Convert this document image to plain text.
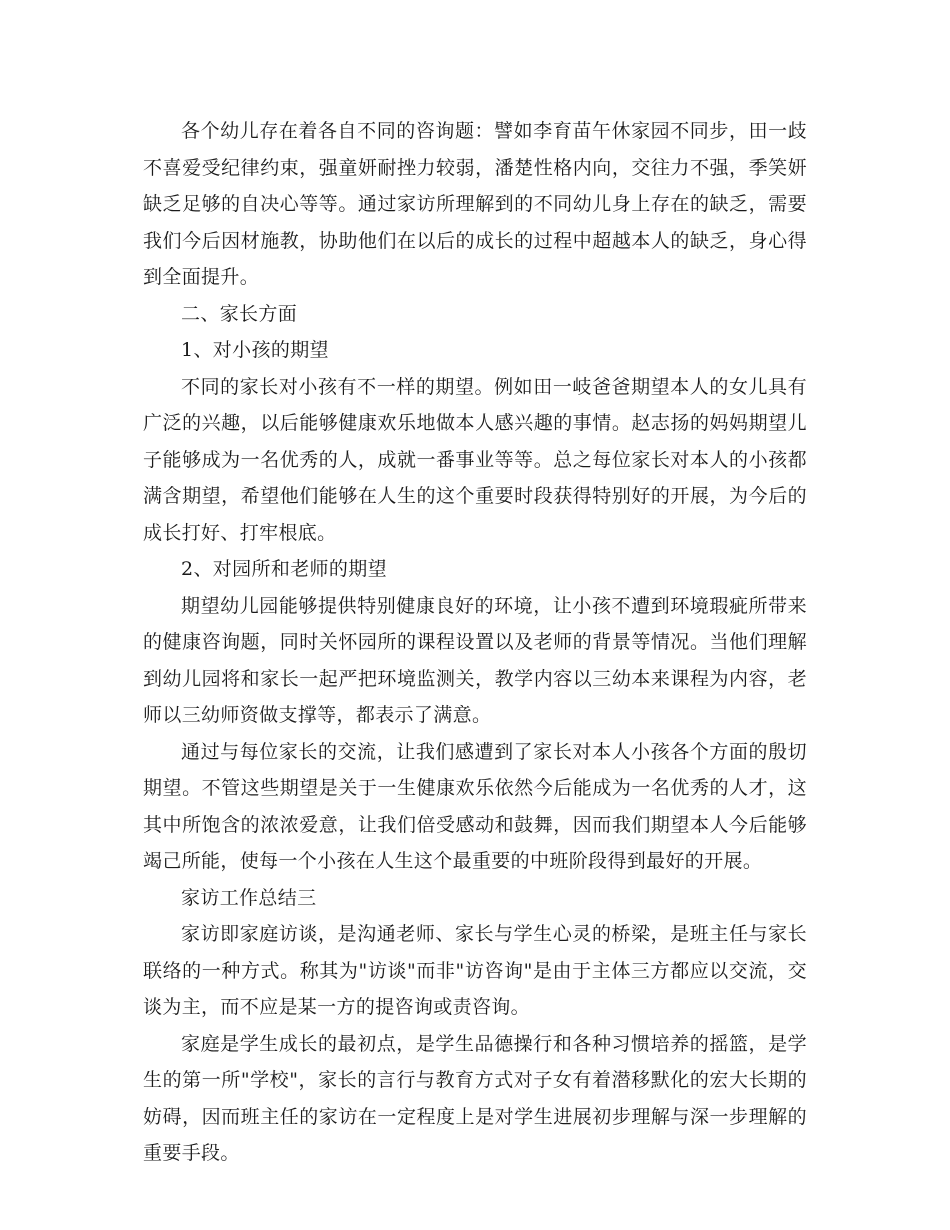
各个幼儿存在着各自不同的咨询题：譬如李育苗午休家园不同步，田一歧不喜爱受纪律约束，强童妍耐挫力较弱，潘楚性格内向，交往力不强，季笑妍缺乏足够的自决心等等。通过家访所理解到的不同幼儿身上存在的缺乏，需要我们今后因材施教，协助他们在以后的成长的过程中超越本人的缺乏，身心得到全面提升。

二、家长方面

1、对小孩的期望

不同的家长对小孩有不一样的期望。例如田一岐爸爸期望本人的女儿具有广泛的兴趣，以后能够健康欢乐地做本人感兴趣的事情。赵志扬的妈妈期望儿子能够成为一名优秀的人，成就一番事业等等。总之每位家长对本人的小孩都满含期望，希望他们能够在人生的这个重要时段获得特别好的开展，为今后的成长打好、打牢根底。

2、对园所和老师的期望

期望幼儿园能够提供特别健康良好的环境，让小孩不遭到环境瑕疵所带来的健康咨询题，同时关怀园所的课程设置以及老师的背景等情况。当他们理解到幼儿园将和家长一起严把环境监测关，教学内容以三幼本来课程为内容，老师以三幼师资做支撑等，都表示了满意。

通过与每位家长的交流，让我们感遭到了家长对本人小孩各个方面的殷切期望。不管这些期望是关于一生健康欢乐依然今后能成为一名优秀的人才，这其中所饱含的浓浓爱意，让我们倍受感动和鼓舞，因而我们期望本人今后能够竭己所能，使每一个小孩在人生这个最重要的中班阶段得到最好的开展。

家访工作总结三

家访即家庭访谈，是沟通老师、家长与学生心灵的桥梁，是班主任与家长联络的一种方式。称其为"访谈"而非"访咨询"是由于主体三方都应以交流，交谈为主，而不应是某一方的提咨询或责咨询。

家庭是学生成长的最初点，是学生品德操行和各种习惯培养的摇篮，是学生的第一所"学校"，家长的言行与教育方式对子女有着潜移默化的宏大长期的妨碍，因而班主任的家访在一定程度上是对学生进展初步理解与深一步理解的重要手段。
